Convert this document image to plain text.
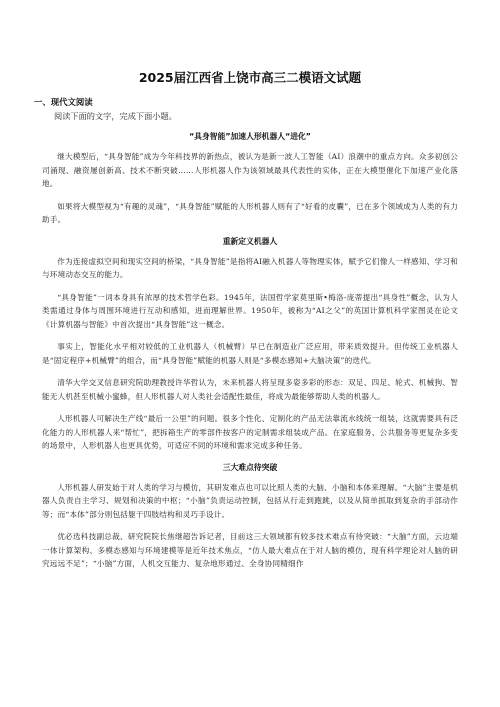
2025届江西省上饶市高三二模语文试题
一、现代文阅读
阅读下面的文字，完成下面小题。
“具身智能”加速人形机器人“进化”

继大模型后，“具身智能”成为今年科技界的新热点，被认为是新一波人工智能（AI）浪潮中的重点方向。众多初创公司涌现、融资屡创新高、技术不断突破……人形机器人作为该领域最具代表性的实体，正在大模型催化下加速产业化落地。

如果将大模型视为“有趣的灵魂”，“具身智能”赋能的人形机器人则有了“好看的皮囊”，已在多个领域成为人类的有力助手。

重新定义机器人

作为连接虚拟空间和现实空间的桥梁，“具身智能”是指将AI融入机器人等物理实体，赋予它们像人一样感知、学习和与环境动态交互的能力。

“具身智能”一词本身具有浓厚的技术哲学色彩。1945年，法国哲学家莫里斯•梅洛-庞蒂提出“具身性”概念，认为人类需通过身体与周围环境进行互动和感知，进而理解世界。1950年，被称为“AI之父”的英国计算机科学家图灵在论文《计算机器与智能》中首次提出“具身智能”这一概念。

事实上，智能化水平相对较低的工业机器人（机械臂）早已在制造业广泛应用，带来质效提升。但传统工业机器人是“固定程序+机械臂”的组合，而“具身智能”赋能的机器人则是“多模态感知+大脑决策”的迭代。

清华大学交叉信息研究院助理教授许华哲认为，未来机器人将呈现多姿多彩的形态：双足、四足、轮式、机械狗、智能无人机甚至机械小蜜蜂，但人形机器人对人类社会适配性最佳，将成为最能够帮助人类的机器人。

人形机器人可解决生产线“最后一公里”的问题。很多个性化、定制化的产品无法靠流水线统一组装，这就需要具有泛化能力的人形机器人来“帮忙”，把拆箱生产的零部件按客户的定制需求组装成产品。在家庭服务、公共服务等更复杂多变的场景中，人形机器人也更具优势，可适应不同的环境和需求完成多种任务。

三大难点待突破

人形机器人研发始于对人类的学习与模仿，其研发难点也可以比照人类的大脑、小脑和本体来理解。“大脑”主要是机器人负责自主学习、规划和决策的中枢；“小脑”负责运动控制，包括从行走到跑跳，以及从简单抓取到复杂的手部动作等；而“本体”部分则包括躯干四肢结构和灵巧手设计。

优必选科技副总裁、研究院院长焦继超告诉记者，目前这三大领域都有较多技术难点有待突破：“大脑”方面，云边端一体计算架构、多模态感知与环境建模等是近年技术焦点，“仿人最大难点在于对人脑的模仿，现有科学理论对人脑的研究远远不足”；“小脑”方面，人机交互能力、复杂地形通过、全身协同精细作
